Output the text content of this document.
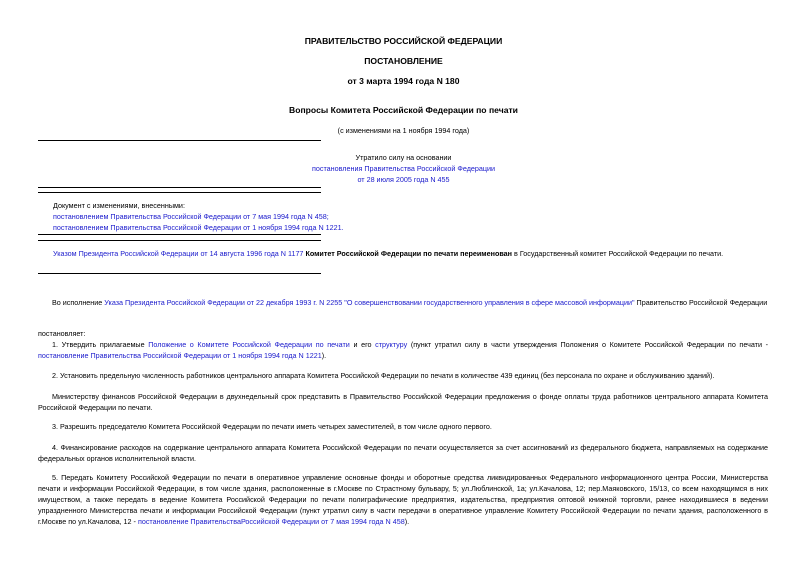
ПРАВИТЕЛЬСТВО РОССИЙСКОЙ ФЕДЕРАЦИИ
ПОСТАНОВЛЕНИЕ
от 3 марта 1994 года N 180
Вопросы Комитета Российской Федерации по печати
(с изменениями на 1 ноября 1994 года)
Утратило силу на основании
постановления Правительства Российской Федерации
от 28 июля 2005 года N 455
Документ с изменениями, внесенными:
постановлением Правительства Российской Федерации от 7 мая 1994 года N 458;
постановлением Правительства Российской Федерации от 1 ноября 1994 года N 1221.
Указом Президента Российской Федерации от 14 августа 1996 года N 1177 Комитет Российской Федерации по печати переименован в Государственный комитет Российской Федерации по печати.
Во исполнение Указа Президента Российской Федерации от 22 декабря 1993 г. N 2255 "О совершенствовании государственного управления в сфере массовой информации" Правительство Российской Федерации
постановляет:
1. Утвердить прилагаемые Положение о Комитете Российской Федерации по печати и его структуру (пункт утратил силу в части утверждения Положения о Комитете Российской Федерации по печати - постановление Правительства Российской Федерации от 1 ноября 1994 года N 1221).
2. Установить предельную численность работников центрального аппарата Комитета Российской Федерации по печати в количестве 439 единиц (без персонала по охране и обслуживанию зданий).
Министерству финансов Российской Федерации в двухнедельный срок представить в Правительство Российской Федерации предложения о фонде оплаты труда работников центрального аппарата Комитета Российской Федерации по печати.
3. Разрешить председателю Комитета Российской Федерации по печати иметь четырех заместителей, в том числе одного первого.
4. Финансирование расходов на содержание центрального аппарата Комитета Российской Федерации по печати осуществляется за счет ассигнований из федерального бюджета, направляемых на содержание федеральных органов исполнительной власти.
5. Передать Комитету Российской Федерации по печати в оперативное управление основные фонды и оборотные средства ликвидированных Федерального информационного центра России, Министерства печати и информации Российской Федерации, в том числе здания, расположенные в г.Москве по Страстному бульвару, 5; ул.Люблинской, 1а; ул.Качалова, 12; пер.Маяковского, 15/13, со всем находящимся в них имуществом, а также передать в ведение Комитета Российской Федерации по печати полиграфические предприятия, издательства, предприятия оптовой книжной торговли, ранее находившиеся в ведении упраздненного Министерства печати и информации Российской Федерации (пункт утратил силу в части передачи в оперативное управление Комитету Российской Федерации по печати здания, расположенного в г.Москве по ул.Качалова, 12 - постановление ПравительстваРоссийской Федерации от 7 мая 1994 года N 458).
